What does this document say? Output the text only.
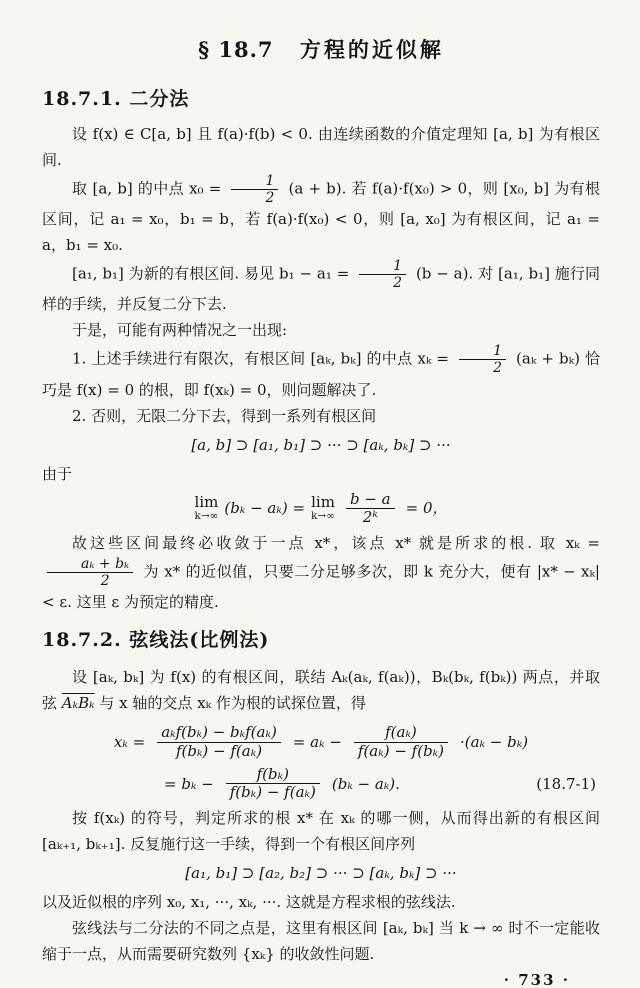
§ 18.7 方程的近似解
18.7.1. 二分法

设 f(x) ∈ C[a, b] 且 f(a)·f(b) < 0. 由连续函数的介值定理知 [a, b] 为有根区间.

取 [a, b] 的中点 $x_0 = \frac{1}{2} (a + b)$. 若 f(a)·f(x₀) > 0，则 [x₀, b] 为有根区间，记 a₁ = x₀，b₁ = b，若 f(a)·f(x₀) < 0，则 [a, x₀] 为有根区间，记 a₁ = a，b₁ = x₀.

[a₁, b₁] 为新的有根区间. 易见 $b_1 - a_1 = \frac{1}{2} (b - a)$. 对 [a₁, b₁] 施行同样的手续，并反复二分下去.

于是，可能有两种情况之一出现:

1. 上述手续进行有限次，有根区间 [aₖ, bₖ] 的中点 $x_k = \frac{1}{2} (a_k + b_k)$ 恰巧是 f(x) = 0 的根，即 f(xₖ) = 0，则问题解决了.

2. 否则，无限二分下去，得到一系列有根区间

[a, b] ⊃ [a₁, b₁] ⊃ ··· ⊃ [aₖ, bₖ] ⊃ ···

由于

lim
k→∞ (bₖ − aₖ) = lim
$k\to\infty \frac{b - a}{\text{2ᵏ}} = 0$，

故这些区间最终必收敛于一点 x*，该点 x* 就是所求的根. 取 xₖ =
$\frac{\text{aₖ + bₖ}}{2}$ 为 x* 的近似值，只要二分足够多次，即 k 充分大，便有 |x* − xₖ| < ε. 这里 ε 为预定的精度.

18.7.2. 弦线法(比例法)

设 [aₖ, bₖ] 为 f(x) 的有根区间，联结 Aₖ(aₖ, f(aₖ))，Bₖ(bₖ, f(bₖ)) 两点，并取弦 AₖBₖ 与 x 轴的交点 xₖ 作为根的试探位置，得

$x_k = \frac{\text{aₖf(bₖ) − bₖf(aₖ)}}{\text{f(bₖ) − f(aₖ)}} = a_k - \frac{\text{f(aₖ)}}{\text{f(aₖ) − f(bₖ)}} \cdot(a_k - b_k)$
= $b_k - \frac{\text{f(bₖ)}}{\text{f(bₖ) − f(aₖ)}} (b_k - a_k)$.	(18.7-1)

按 f(xₖ) 的符号，判定所求的根 x* 在 xₖ 的哪一侧，从而得出新的有根区间 [aₖ₊₁, bₖ₊₁]. 反复施行这一手续，得到一个有根区间序列

[a₁, b₁] ⊃ [a₂, b₂] ⊃ ··· ⊃ [aₖ, bₖ] ⊃ ···

以及近似根的序列 x₀, x₁, ···, xₖ, ···. 这就是方程求根的弦线法.

弦线法与二分法的不同之点是，这里有根区间 [aₖ, bₖ] 当 k → ∞ 时不一定能收缩于一点，从而需要研究数列 {xₖ} 的收敛性问题.

· 733 ·
